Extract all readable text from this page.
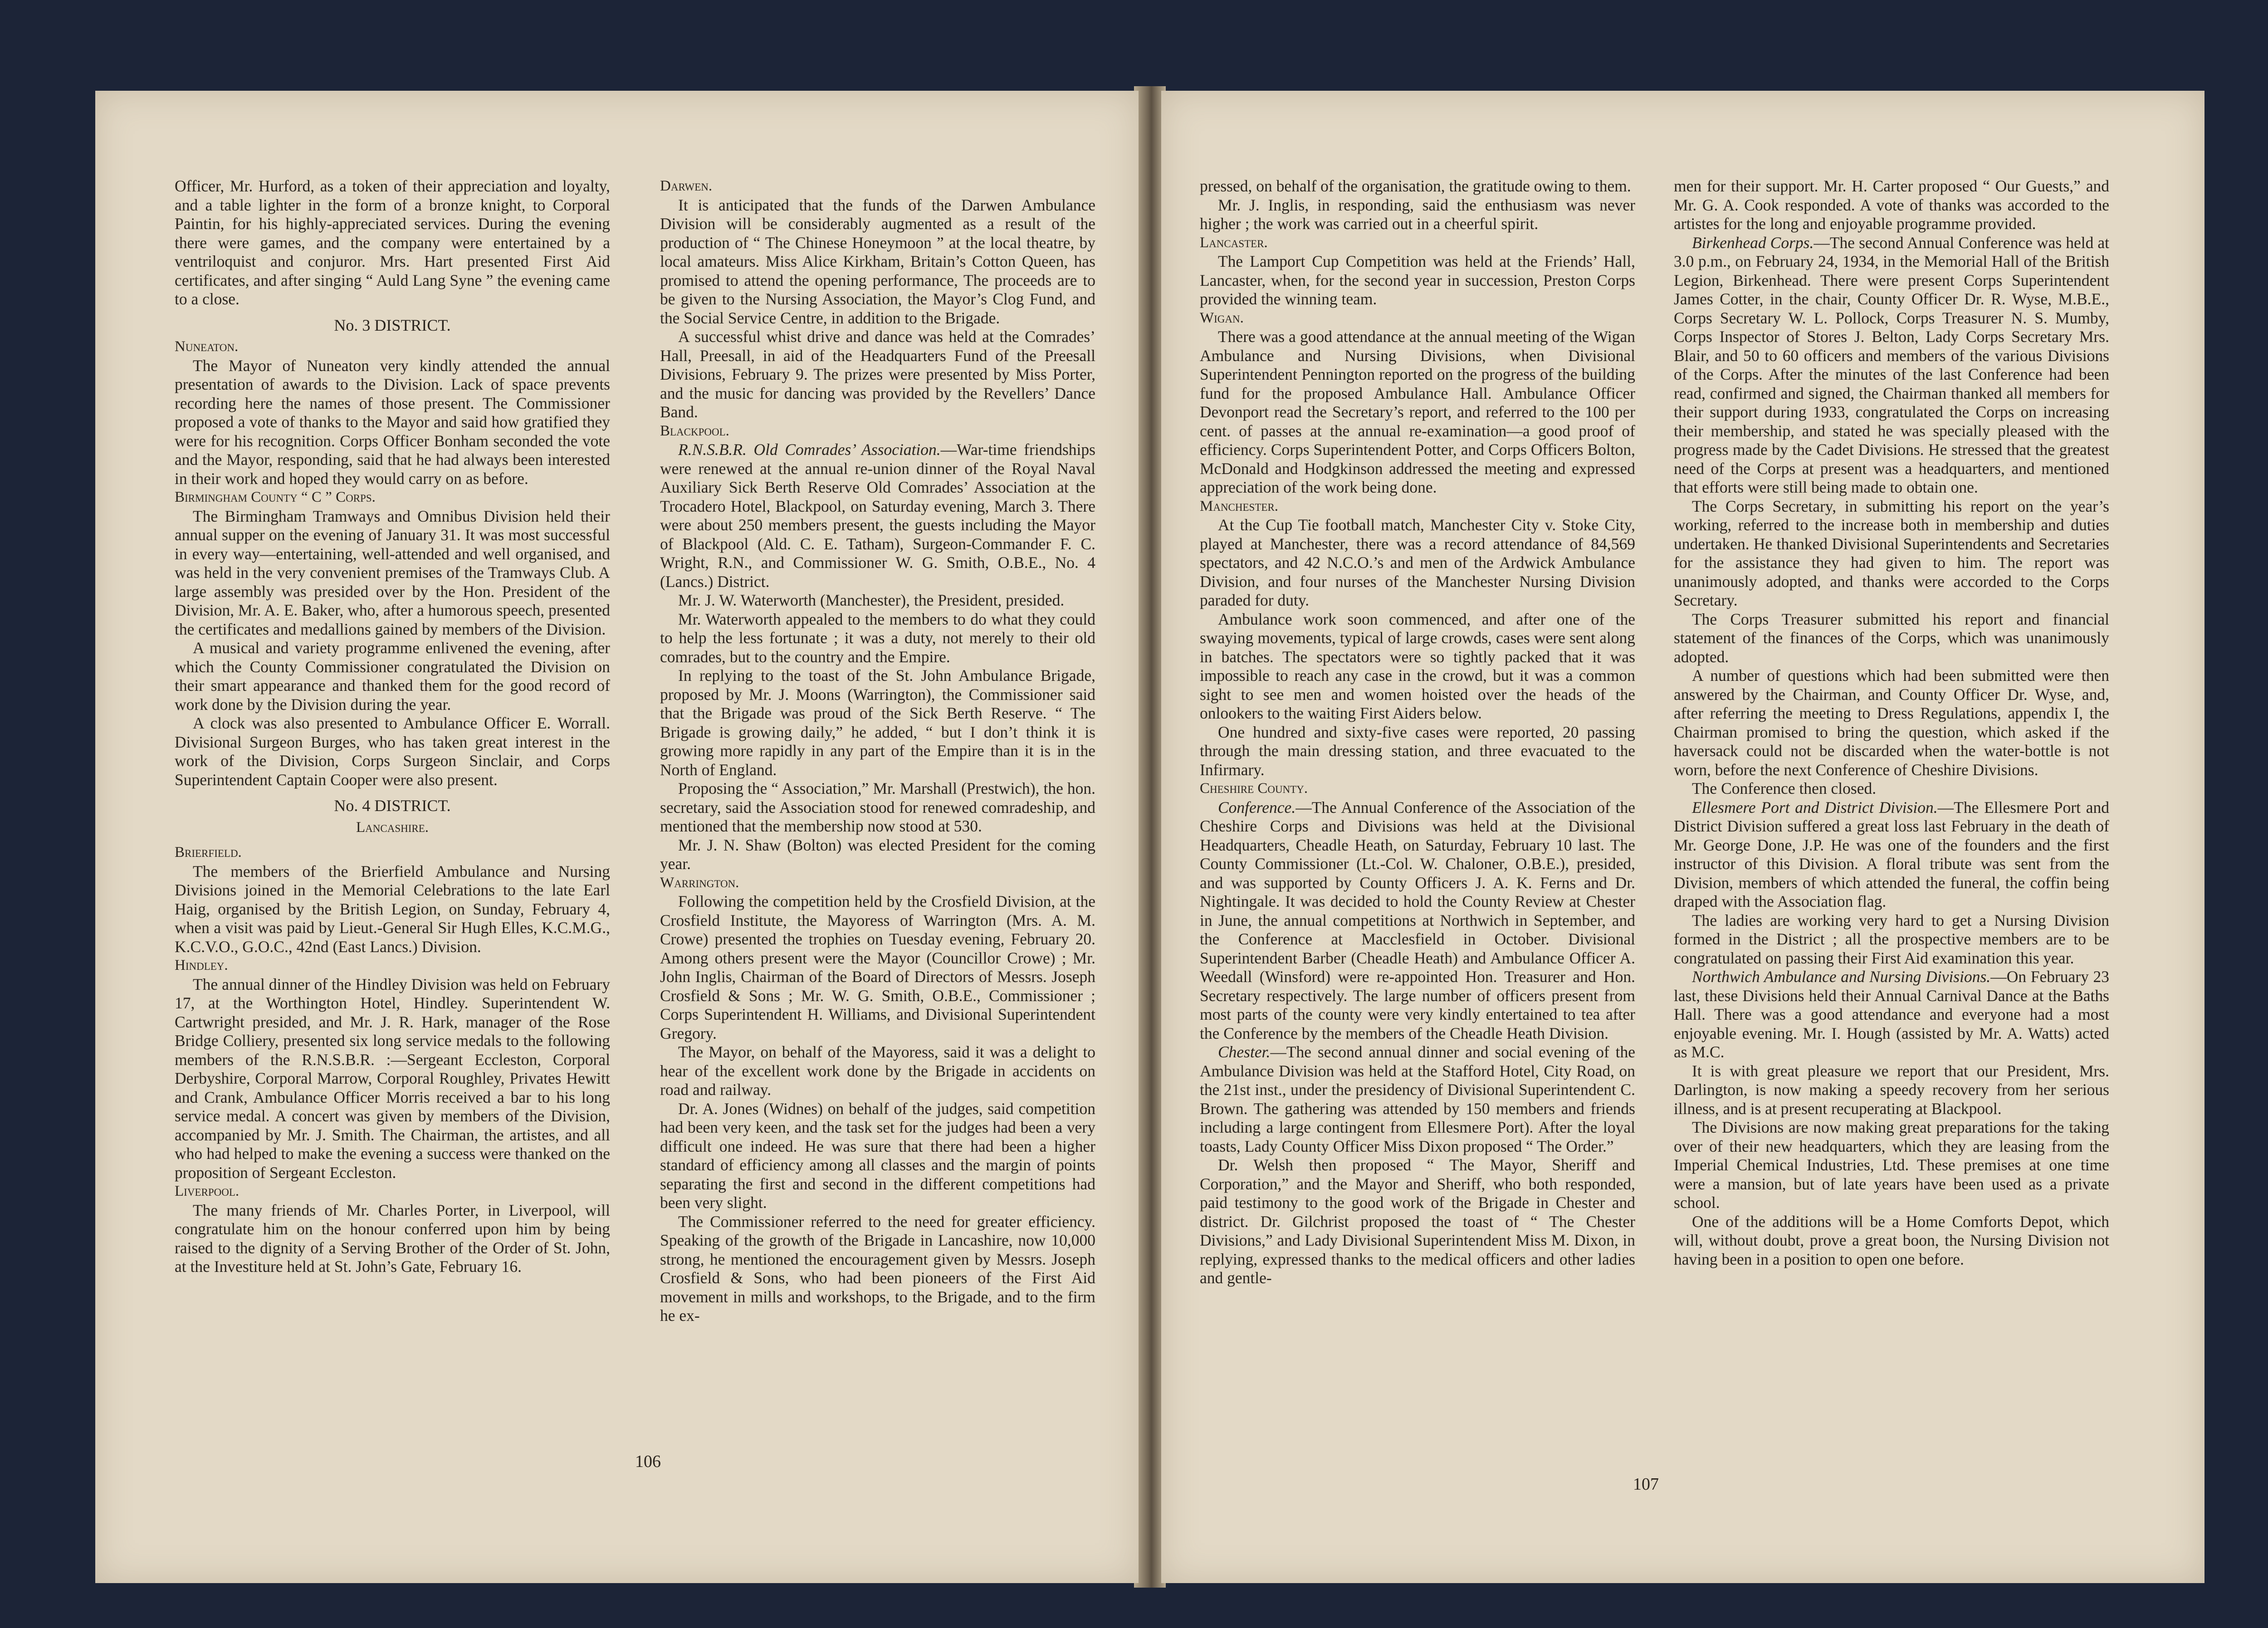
Officer, Mr. Hurford, as a token of their appreciation and loyalty, and a table lighter in the form of a bronze knight, to Corporal Paintin, for his highly-appreciated services. During the evening there were games, and the company were entertained by a ventriloquist and conjuror. Mrs. Hart presented First Aid certificates, and after singing “ Auld Lang Syne ” the evening came to a close.

No. 3 DISTRICT.

Nuneaton.

The Mayor of Nuneaton very kindly attended the annual presentation of awards to the Division. Lack of space prevents recording here the names of those present. The Commissioner proposed a vote of thanks to the Mayor and said how gratified they were for his recognition. Corps Officer Bonham seconded the vote and the Mayor, responding, said that he had always been interested in their work and hoped they would carry on as before.

Birmingham County “ C ” Corps.

The Birmingham Tramways and Omnibus Division held their annual supper on the evening of January 31. It was most successful in every way—entertaining, well-attended and well organised, and was held in the very convenient premises of the Tramways Club. A large assembly was presided over by the Hon. President of the Division, Mr. A. E. Baker, who, after a humorous speech, presented the certificates and medallions gained by members of the Division.

A musical and variety programme enlivened the evening, after which the County Commissioner congratulated the Division on their smart appearance and thanked them for the good record of work done by the Division during the year.

A clock was also presented to Ambulance Officer E. Worrall. Divisional Surgeon Burges, who has taken great interest in the work of the Division, Corps Surgeon Sinclair, and Corps Superintendent Captain Cooper were also present.

No. 4 DISTRICT.

Lancashire.

Brierfield.

The members of the Brierfield Ambulance and Nursing Divisions joined in the Memorial Celebrations to the late Earl Haig, organised by the British Legion, on Sunday, February 4, when a visit was paid by Lieut.-General Sir Hugh Elles, K.C.M.G., K.C.V.O., G.O.C., 42nd (East Lancs.) Division.

Hindley.

The annual dinner of the Hindley Division was held on February 17, at the Worthington Hotel, Hindley. Superintendent W. Cartwright presided, and Mr. J. R. Hark, manager of the Rose Bridge Colliery, presented six long service medals to the following members of the R.N.S.B.R. :—Sergeant Eccleston, Corporal Derbyshire, Corporal Marrow, Corporal Roughley, Privates Hewitt and Crank, Ambulance Officer Morris received a bar to his long service medal. A concert was given by members of the Division, accompanied by Mr. J. Smith. The Chairman, the artistes, and all who had helped to make the evening a success were thanked on the proposition of Sergeant Eccleston.

Liverpool.

The many friends of Mr. Charles Porter, in Liverpool, will congratulate him on the honour conferred upon him by being raised to the dignity of a Serving Brother of the Order of St. John, at the Investiture held at St. John’s Gate, February 16.

Darwen.

It is anticipated that the funds of the Darwen Ambulance Division will be considerably augmented as a result of the production of “ The Chinese Honeymoon ” at the local theatre, by local amateurs. Miss Alice Kirkham, Britain’s Cotton Queen, has promised to attend the opening performance, The proceeds are to be given to the Nursing Association, the Mayor’s Clog Fund, and the Social Service Centre, in addition to the Brigade.

A successful whist drive and dance was held at the Comrades’ Hall, Preesall, in aid of the Headquarters Fund of the Preesall Divisions, February 9. The prizes were presented by Miss Porter, and the music for dancing was provided by the Revellers’ Dance Band.

Blackpool.

R.N.S.B.R. Old Comrades’ Association.—War-time friendships were renewed at the annual re-union dinner of the Royal Naval Auxiliary Sick Berth Reserve Old Comrades’ Association at the Trocadero Hotel, Blackpool, on Saturday evening, March 3. There were about 250 members present, the guests including the Mayor of Blackpool (Ald. C. E. Tatham), Surgeon-Commander F. C. Wright, R.N., and Commissioner W. G. Smith, O.B.E., No. 4 (Lancs.) District.

Mr. J. W. Waterworth (Manchester), the President, presided.

Mr. Waterworth appealed to the members to do what they could to help the less fortunate ; it was a duty, not merely to their old comrades, but to the country and the Empire.

In replying to the toast of the St. John Ambulance Brigade, proposed by Mr. J. Moons (Warrington), the Commissioner said that the Brigade was proud of the Sick Berth Reserve. “ The Brigade is growing daily,” he added, “ but I don’t think it is growing more rapidly in any part of the Empire than it is in the North of England.

Proposing the “ Association,” Mr. Marshall (Prestwich), the hon. secretary, said the Association stood for renewed comradeship, and mentioned that the membership now stood at 530.

Mr. J. N. Shaw (Bolton) was elected President for the coming year.

Warrington.

Following the competition held by the Crosfield Division, at the Crosfield Institute, the Mayoress of Warrington (Mrs. A. M. Crowe) presented the trophies on Tuesday evening, February 20. Among others present were the Mayor (Councillor Crowe) ; Mr. John Inglis, Chairman of the Board of Directors of Messrs. Joseph Crosfield & Sons ; Mr. W. G. Smith, O.B.E., Commissioner ; Corps Superintendent H. Williams, and Divisional Superintendent Gregory.

The Mayor, on behalf of the Mayoress, said it was a delight to hear of the excellent work done by the Brigade in accidents on road and railway.

Dr. A. Jones (Widnes) on behalf of the judges, said competition had been very keen, and the task set for the judges had been a very difficult one indeed. He was sure that there had been a higher standard of efficiency among all classes and the margin of points separating the first and second in the different competitions had been very slight.

The Commissioner referred to the need for greater efficiency. Speaking of the growth of the Brigade in Lancashire, now 10,000 strong, he mentioned the encouragement given by Messrs. Joseph Crosfield & Sons, who had been pioneers of the First Aid movement in mills and workshops, to the Brigade, and to the firm he ex-

106

pressed, on behalf of the organisation, the gratitude owing to them.

Mr. J. Inglis, in responding, said the enthusiasm was never higher ; the work was carried out in a cheerful spirit.

Lancaster.

The Lamport Cup Competition was held at the Friends’ Hall, Lancaster, when, for the second year in succession, Preston Corps provided the winning team.

Wigan.

There was a good attendance at the annual meeting of the Wigan Ambulance and Nursing Divisions, when Divisional Superintendent Pennington reported on the progress of the building fund for the proposed Ambulance Hall. Ambulance Officer Devonport read the Secretary’s report, and referred to the 100 per cent. of passes at the annual re-examination—a good proof of efficiency. Corps Superintendent Potter, and Corps Officers Bolton, McDonald and Hodgkinson addressed the meeting and expressed appreciation of the work being done.

Manchester.

At the Cup Tie football match, Manchester City v. Stoke City, played at Manchester, there was a record attendance of 84,569 spectators, and 42 N.C.O.’s and men of the Ardwick Ambulance Division, and four nurses of the Manchester Nursing Division paraded for duty.

Ambulance work soon commenced, and after one of the swaying movements, typical of large crowds, cases were sent along in batches. The spectators were so tightly packed that it was impossible to reach any case in the crowd, but it was a common sight to see men and women hoisted over the heads of the onlookers to the waiting First Aiders below.

One hundred and sixty-five cases were reported, 20 passing through the main dressing station, and three evacuated to the Infirmary.

Cheshire County.

Conference.—The Annual Conference of the Association of the Cheshire Corps and Divisions was held at the Divisional Headquarters, Cheadle Heath, on Saturday, February 10 last. The County Commissioner (Lt.-Col. W. Chaloner, O.B.E.), presided, and was supported by County Officers J. A. K. Ferns and Dr. Nightingale. It was decided to hold the County Review at Chester in June, the annual competitions at Northwich in September, and the Conference at Macclesfield in October. Divisional Superintendent Barber (Cheadle Heath) and Ambulance Officer A. Weedall (Winsford) were re-appointed Hon. Treasurer and Hon. Secretary respectively. The large number of officers present from most parts of the county were very kindly entertained to tea after the Conference by the members of the Cheadle Heath Division.

Chester.—The second annual dinner and social evening of the Ambulance Division was held at the Stafford Hotel, City Road, on the 21st inst., under the presidency of Divisional Superintendent C. Brown. The gathering was attended by 150 members and friends including a large contingent from Ellesmere Port). After the loyal toasts, Lady County Officer Miss Dixon proposed “ The Order.”

Dr. Welsh then proposed “ The Mayor, Sheriff and Corporation,” and the Mayor and Sheriff, who both responded, paid testimony to the good work of the Brigade in Chester and district. Dr. Gilchrist proposed the toast of “ The Chester Divisions,” and Lady Divisional Superintendent Miss M. Dixon, in replying, expressed thanks to the medical officers and other ladies and gentle-

men for their support. Mr. H. Carter proposed “ Our Guests,” and Mr. G. A. Cook responded. A vote of thanks was accorded to the artistes for the long and enjoyable programme provided.

Birkenhead Corps.—The second Annual Conference was held at 3.0 p.m., on February 24, 1934, in the Memorial Hall of the British Legion, Birkenhead. There were present Corps Superintendent James Cotter, in the chair, County Officer Dr. R. Wyse, M.B.E., Corps Secretary W. L. Pollock, Corps Treasurer N. S. Mumby, Corps Inspector of Stores J. Belton, Lady Corps Secretary Mrs. Blair, and 50 to 60 officers and members of the various Divisions of the Corps. After the minutes of the last Conference had been read, confirmed and signed, the Chairman thanked all members for their support during 1933, congratulated the Corps on increasing their membership, and stated he was specially pleased with the progress made by the Cadet Divisions. He stressed that the greatest need of the Corps at present was a headquarters, and mentioned that efforts were still being made to obtain one.

The Corps Secretary, in submitting his report on the year’s working, referred to the increase both in membership and duties undertaken. He thanked Divisional Superintendents and Secretaries for the assistance they had given to him. The report was unanimously adopted, and thanks were accorded to the Corps Secretary.

The Corps Treasurer submitted his report and financial statement of the finances of the Corps, which was unanimously adopted.

A number of questions which had been submitted were then answered by the Chairman, and County Officer Dr. Wyse, and, after referring the meeting to Dress Regulations, appendix I, the Chairman promised to bring the question, which asked if the haversack could not be discarded when the water-bottle is not worn, before the next Conference of Cheshire Divisions.

The Conference then closed.

Ellesmere Port and District Division.—The Ellesmere Port and District Division suffered a great loss last February in the death of Mr. George Done, J.P. He was one of the founders and the first instructor of this Division. A floral tribute was sent from the Division, members of which attended the funeral, the coffin being draped with the Association flag.

The ladies are working very hard to get a Nursing Division formed in the District ; all the prospective members are to be congratulated on passing their First Aid examination this year.

Northwich Ambulance and Nursing Divisions.—On February 23 last, these Divisions held their Annual Carnival Dance at the Baths Hall. There was a good attendance and everyone had a most enjoyable evening. Mr. I. Hough (assisted by Mr. A. Watts) acted as M.C.

It is with great pleasure we report that our President, Mrs. Darlington, is now making a speedy recovery from her serious illness, and is at present recuperating at Blackpool.

The Divisions are now making great preparations for the taking over of their new headquarters, which they are leasing from the Imperial Chemical Industries, Ltd. These premises at one time were a mansion, but of late years have been used as a private school.

One of the additions will be a Home Comforts Depot, which will, without doubt, prove a great boon, the Nursing Division not having been in a position to open one before.

107
